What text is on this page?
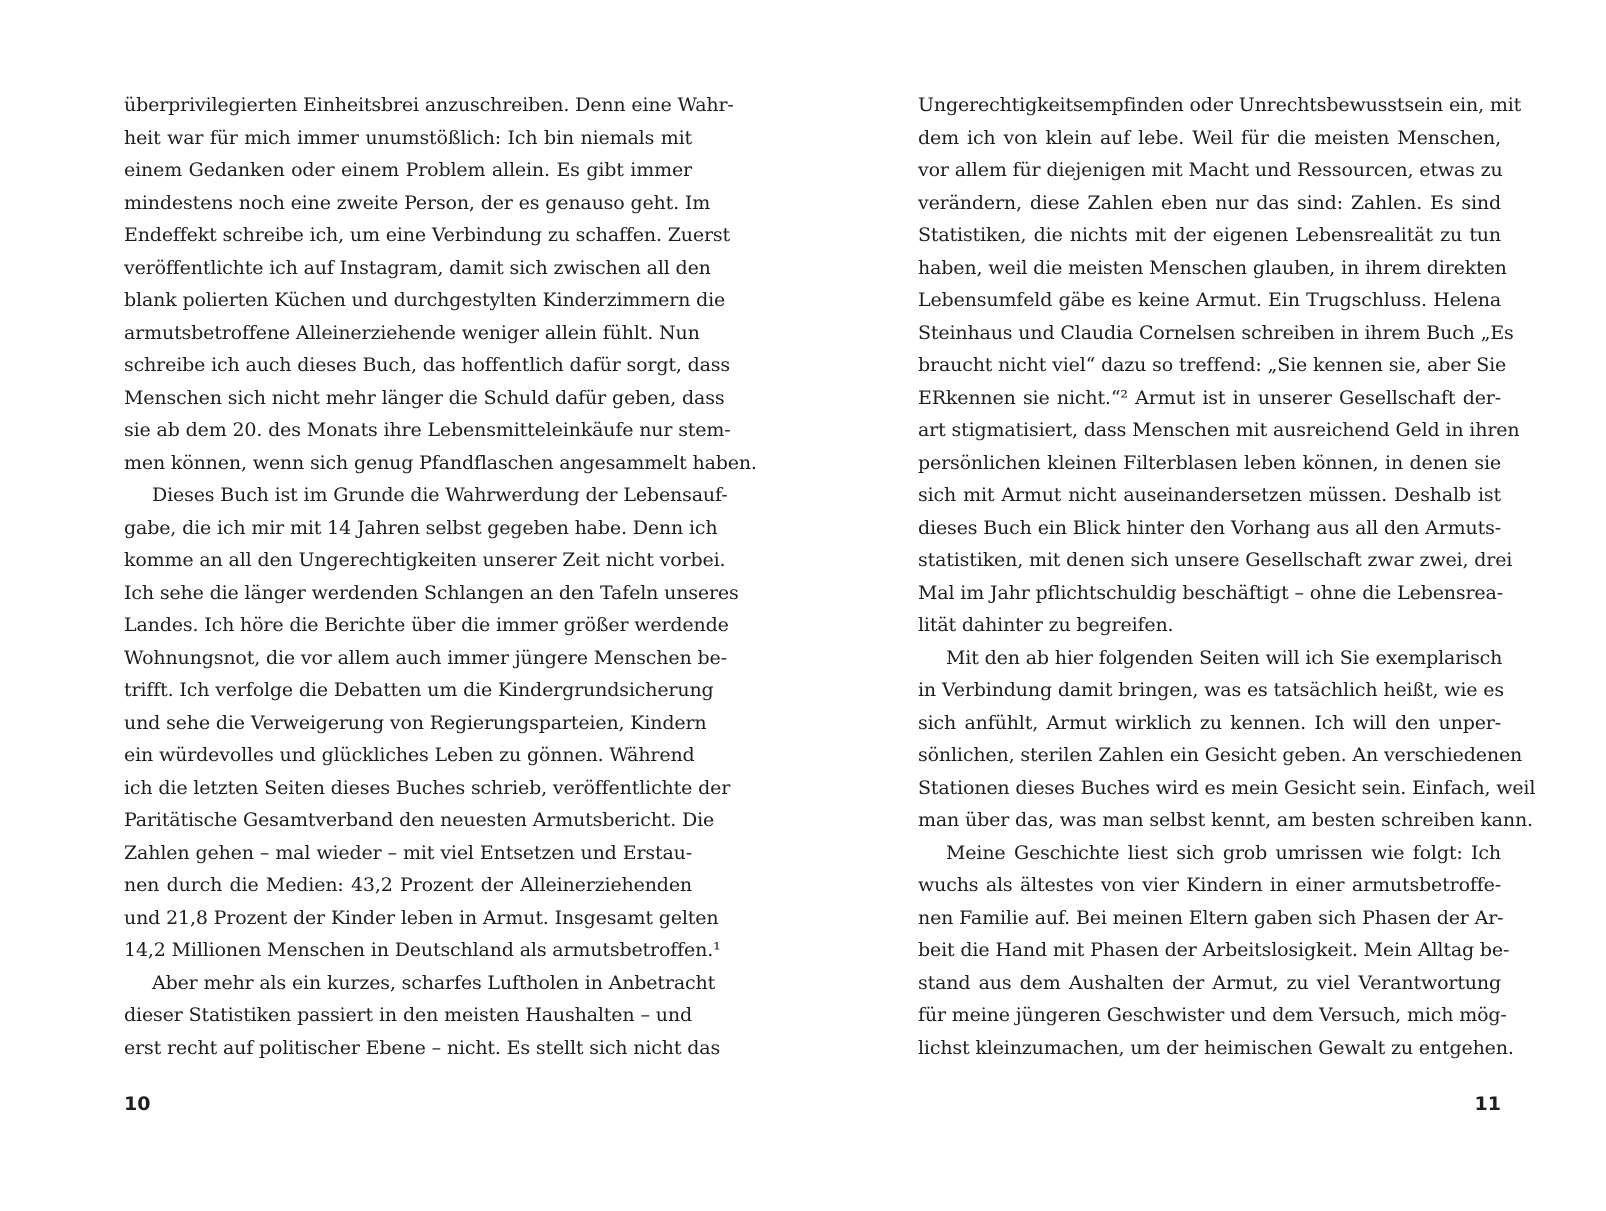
überprivilegierten Einheitsbrei anzuschreiben. Denn eine Wahr-
heit war für mich immer unumstößlich: Ich bin niemals mit
einem Gedanken oder einem Problem allein. Es gibt immer
mindestens noch eine zweite Person, der es genauso geht. Im
Endeffekt schreibe ich, um eine Verbindung zu schaffen. Zuerst
veröffentlichte ich auf Instagram, damit sich zwischen all den
blank polierten Küchen und durchgestylten Kinderzimmern die
armutsbetroffene Alleinerziehende weniger allein fühlt. Nun
schreibe ich auch dieses Buch, das hoffentlich dafür sorgt, dass
Menschen sich nicht mehr länger die Schuld dafür geben, dass
sie ab dem 20. des Monats ihre Lebensmitteleinkäufe nur stem-
men können, wenn sich genug Pfandflaschen angesammelt haben.
Dieses Buch ist im Grunde die Wahrwerdung der Lebensauf-
gabe, die ich mir mit 14 Jahren selbst gegeben habe. Denn ich
komme an all den Ungerechtigkeiten unserer Zeit nicht vorbei.
Ich sehe die länger werdenden Schlangen an den Tafeln unseres
Landes. Ich höre die Berichte über die immer größer werdende
Wohnungsnot, die vor allem auch immer jüngere Menschen be-
trifft. Ich verfolge die Debatten um die Kindergrundsicherung
und sehe die Verweigerung von Regierungsparteien, Kindern
ein würdevolles und glückliches Leben zu gönnen. Während
ich die letzten Seiten dieses Buches schrieb, veröffentlichte der
Paritätische Gesamtverband den neuesten Armutsbericht. Die
Zahlen gehen – mal wieder – mit viel Entsetzen und Erstau-
nen durch die Medien: 43,2 Prozent der Alleinerziehenden
und 21,8 Prozent der Kinder leben in Armut. Insgesamt gelten
14,2 Millionen Menschen in Deutschland als armutsbetroffen.¹
Aber mehr als ein kurzes, scharfes Luftholen in Anbetracht
dieser Statistiken passiert in den meisten Haushalten – und
erst recht auf politischer Ebene – nicht. Es stellt sich nicht das
10
Ungerechtigkeitsempfinden oder Unrechtsbewusstsein ein, mit
dem ich von klein auf lebe. Weil für die meisten Menschen,
vor allem für diejenigen mit Macht und Ressourcen, etwas zu
verändern, diese Zahlen eben nur das sind: Zahlen. Es sind
Statistiken, die nichts mit der eigenen Lebensrealität zu tun
haben, weil die meisten Menschen glauben, in ihrem direkten
Lebensumfeld gäbe es keine Armut. Ein Trugschluss. Helena
Steinhaus und Claudia Cornelsen schreiben in ihrem Buch „Es
braucht nicht viel“ dazu so treffend: „Sie kennen sie, aber Sie
ERkennen sie nicht.“² Armut ist in unserer Gesellschaft der-
art stigmatisiert, dass Menschen mit ausreichend Geld in ihren
persönlichen kleinen Filterblasen leben können, in denen sie
sich mit Armut nicht auseinandersetzen müssen. Deshalb ist
dieses Buch ein Blick hinter den Vorhang aus all den Armuts-
statistiken, mit denen sich unsere Gesellschaft zwar zwei, drei
Mal im Jahr pflichtschuldig beschäftigt – ohne die Lebensrea-
lität dahinter zu begreifen.
Mit den ab hier folgenden Seiten will ich Sie exemplarisch
in Verbindung damit bringen, was es tatsächlich heißt, wie es
sich anfühlt, Armut wirklich zu kennen. Ich will den unper-
sönlichen, sterilen Zahlen ein Gesicht geben. An verschiedenen
Stationen dieses Buches wird es mein Gesicht sein. Einfach, weil
man über das, was man selbst kennt, am besten schreiben kann.
Meine Geschichte liest sich grob umrissen wie folgt: Ich
wuchs als ältestes von vier Kindern in einer armutsbetroffe-
nen Familie auf. Bei meinen Eltern gaben sich Phasen der Ar-
beit die Hand mit Phasen der Arbeitslosigkeit. Mein Alltag be-
stand aus dem Aushalten der Armut, zu viel Verantwortung
für meine jüngeren Geschwister und dem Versuch, mich mög-
lichst kleinzumachen, um der heimischen Gewalt zu entgehen.
11
